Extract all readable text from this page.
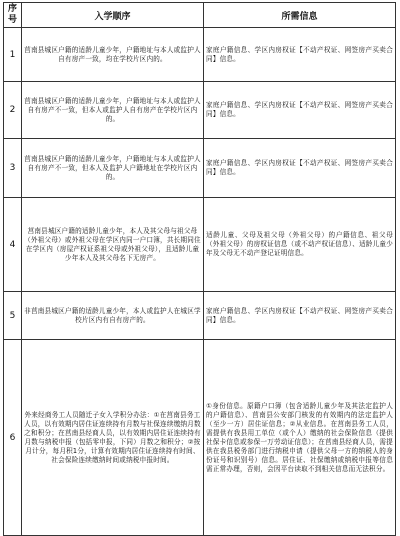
序号	入学顺序	所需信息
1	莒南县城区户籍的适龄儿童少年，户籍地址与本人或监护人自有房产一致，均在学校片区内的。	家庭户籍信息、学区内房权证【不动产权证、网签房产买卖合同】信息。
2	莒南县城区户籍的适龄儿童少年，户籍地址与本人或监护人自有房产不一致，但本人或监护人自有房产在学校片区内的。	家庭户籍信息、学区内房权证【不动产权证、网签房产买卖合同】信息。
3	莒南县城区户籍的适龄儿童少年，户籍地址与本人或监护人自有房产不一致，但本人及监护人户籍地址在学校片区内的。	家庭户籍信息、学区内房权证【不动产权证、网签房产买卖合同】信息。
4	莒南县城区户籍的适龄儿童少年，本人及其父母与祖父母（外祖父母）或外祖父母在学区内同一户口簿，共长期同住在学区内（房屋产权证系祖父母或外祖父母），且适龄儿童少年本人及其父母名下无房产。	适龄儿童、父母及祖父母（外祖父母）的户籍信息、祖父母（外祖父母）的房权证信息（或不动产权证信息）、适龄儿童少年及父母无不动产登记证明信息。
5	非莒南县城区户籍的适龄儿童少年，本人或监护人在城区学校片区内有自有房产的。	家庭户籍信息、学区内房权证【不动产权证、网签房产买卖合同】信息。
6	外来经商务工人员随迁子女入学积分办法：①在莒南县务工人员，以有效期内居住证连续持有月数与社保连续缴纳月数之和积分；在莒南县经商人员，以有效期内居住证连续持有月数与纳税申报（包括零申报，下同）月数之和积分；②按月计分，每月积1分，计算有效期内居住证连续持有时间、社会保险连续缴纳时间或纳税申报时间。	①身份信息。原籍户口簿（包含适龄儿童少年及其法定监护人的户籍信息）、莒南县公安部门核发的有效期内的法定监护人（至少一方）居住证信息；②从业信息。在莒南县务工人员，需提供有我县用工单位（或个人）缴纳的社会保险信息（提供社保卡信息或参保一万劳动证信息）；在莒南县经商人员，需提供在我县税务部门进行纳税申请（提供父母一方的纳税人的身份证号和识别号）信息。居住证、社保缴纳或纳税申报等信息需正常办理，否则，会因平台读取不到相关信息而无法积分。
